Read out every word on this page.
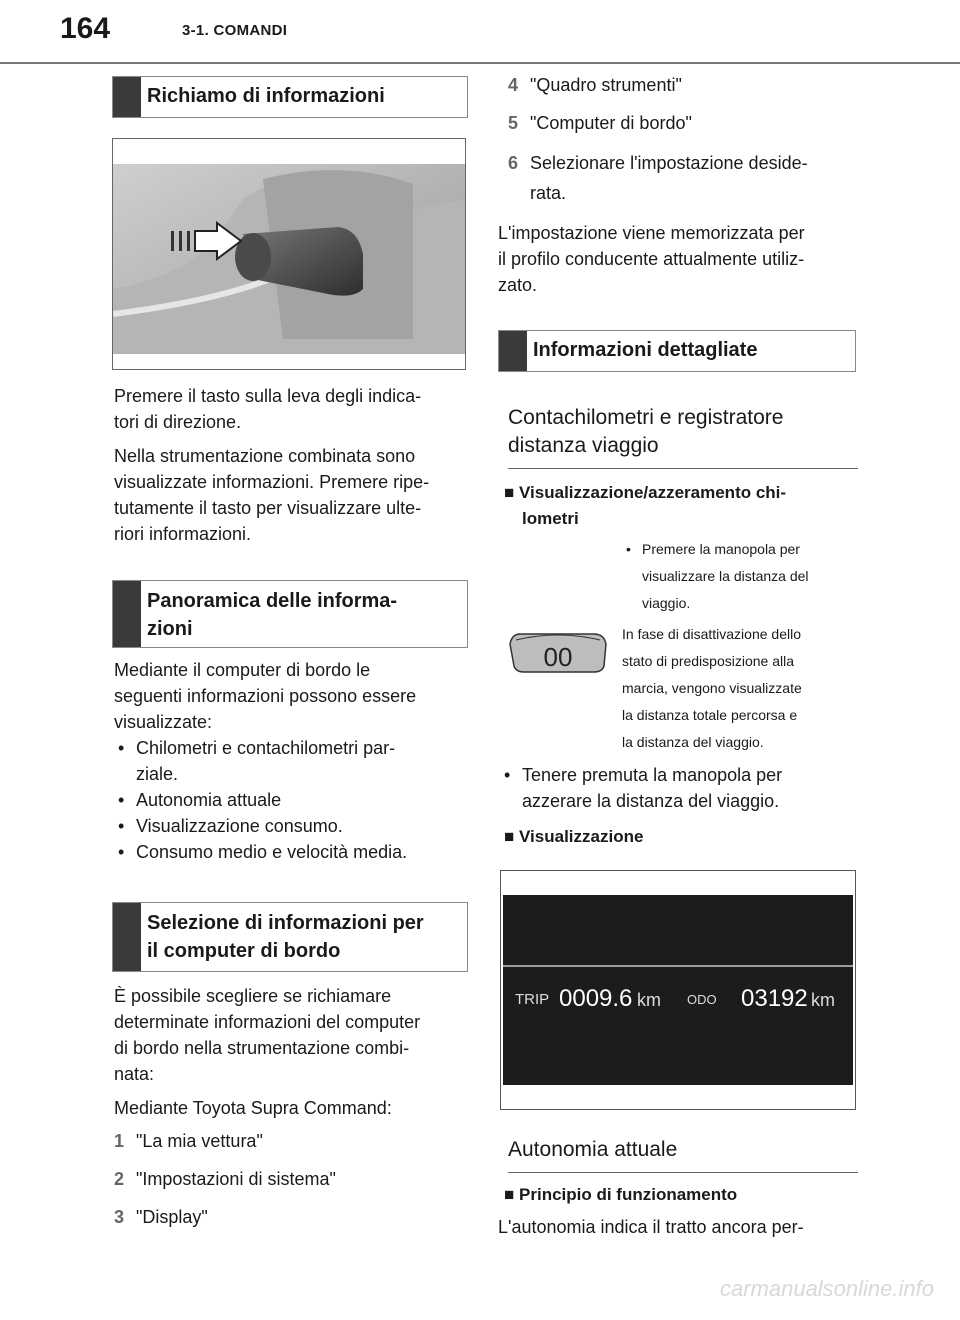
164	3-1. COMANDI
Richiamo di informazioni
Premere il tasto sulla leva degli indica-
tori di direzione.
Nella strumentazione combinata sono
visualizzate informazioni. Premere ripe-
tutamente il tasto per visualizzare ulte-
riori informazioni.
Panoramica delle informa-
zioni
Mediante il computer di bordo le
seguenti informazioni possono essere
visualizzate:
• Chilometri e contachilometri par-
ziale.
• Autonomia attuale
• Visualizzazione consumo.
• Consumo medio e velocità media.
Selezione di informazioni per
il computer di bordo
È possibile scegliere se richiamare
determinate informazioni del computer
di bordo nella strumentazione combi-
nata:
Mediante Toyota Supra Command:
1 "La mia vettura"
2 "Impostazioni di sistema"
3 "Display"
4 "Quadro strumenti"
5 "Computer di bordo"
6 Selezionare l'impostazione deside-
rata.
L'impostazione viene memorizzata per
il profilo conducente attualmente utiliz-
zato.
Informazioni dettagliate
Contachilometri e registratore
distanza viaggio
■ Visualizzazione/azzeramento chi-
lometri
• Premere la manopola per
visualizzare la distanza del
viaggio.
00
In fase di disattivazione dello
stato di predisposizione alla
marcia, vengono visualizzate
la distanza totale percorsa e
la distanza del viaggio.
• Tenere premuta la manopola per
azzerare la distanza del viaggio.
■ Visualizzazione
TRIP 0009.6 km ODO 03192 km
Autonomia attuale
■ Principio di funzionamento
L'autonomia indica il tratto ancora per-
carmanualsonline.info
